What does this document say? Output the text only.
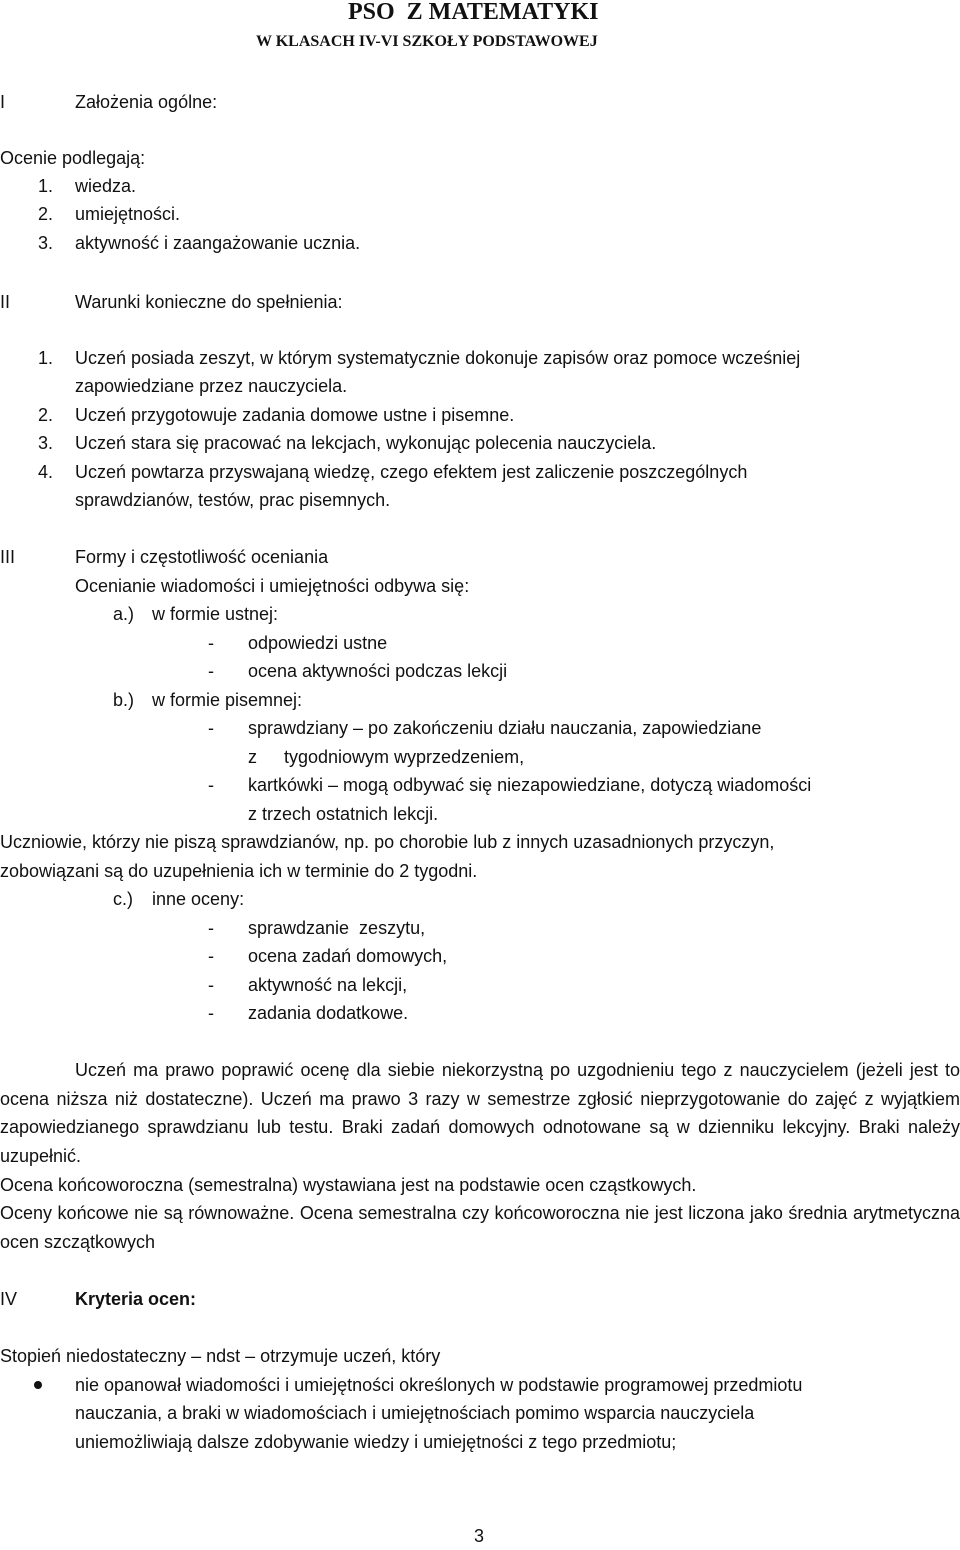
PSO  Z MATEMATYKI
W KLASACH IV-VI SZKOŁY PODSTAWOWEJ
I	Założenia ogólne:
Ocenie podlegają:
1. wiedza.
2. umiejętności.
3. aktywność i zaangażowanie ucznia.
II	Warunki konieczne do spełnienia:
1. Uczeń posiada zeszyt, w którym systematycznie dokonuje zapisów oraz pomoce wcześniej
zapowiedziane przez nauczyciela.
2. Uczeń przygotowuje zadania domowe ustne i pisemne.
3. Uczeń stara się pracować na lekcjach, wykonując polecenia nauczyciela.
4. Uczeń powtarza przyswajaną wiedzę, czego efektem jest zaliczenie poszczególnych
sprawdzianów, testów, prac pisemnych.
III	Formy i częstotliwość oceniania
Ocenianie wiadomości i umiejętności odbywa się:
a.) w formie ustnej:
- odpowiedzi ustne
- ocena aktywności podczas lekcji
b.) w formie pisemnej:
- sprawdziany – po zakończeniu działu nauczania, zapowiedziane
z tygodniowym wyprzedzeniem,
- kartkówki – mogą odbywać się niezapowiedziane, dotyczą wiadomości
z trzech ostatnich lekcji.
Uczniowie, którzy nie piszą sprawdzianów, np. po chorobie lub z innych uzasadnionych przyczyn,
zobowiązani są do uzupełnienia ich w terminie do 2 tygodni.
c.) inne oceny:
- sprawdzanie  zeszytu,
- ocena zadań domowych,
- aktywność na lekcji,
- zadania dodatkowe.
Uczeń ma prawo poprawić ocenę dla siebie niekorzystną po uzgodnieniu tego z nauczycielem (jeżeli jest to ocena niższa niż dostateczne). Uczeń ma prawo 3 razy w semestrze zgłosić nieprzygotowanie do zajęć z wyjątkiem zapowiedzianego sprawdzianu lub testu. Braki zadań domowych odnotowane są w dzienniku lekcyjny. Braki należy uzupełnić.
Ocena końcoworoczna (semestralna) wystawiana jest na podstawie ocen cząstkowych.
Oceny końcowe nie są równoważne. Ocena semestralna czy końcoworoczna nie jest liczona jako średnia arytmetyczna ocen szczątkowych
IV	Kryteria ocen:
Stopień niedostateczny – ndst – otrzymuje uczeń, który
nie opanował wiadomości i umiejętności określonych w podstawie programowej przedmiotu
nauczania, a braki w wiadomościach i umiejętnościach pomimo wsparcia nauczyciela
uniemożliwiają dalsze zdobywanie wiedzy i umiejętności z tego przedmiotu;
3
